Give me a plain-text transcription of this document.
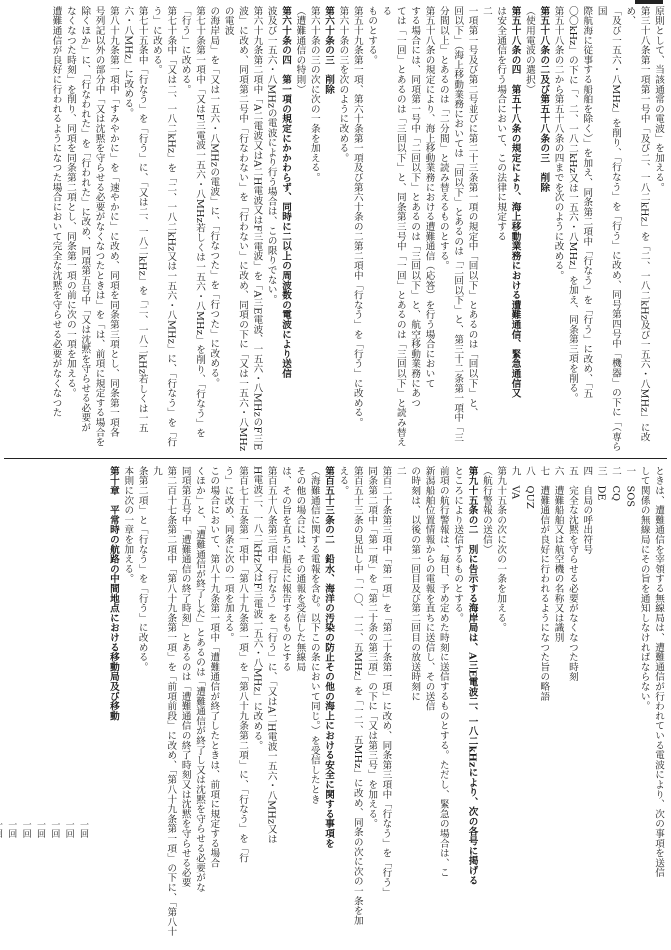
原則として、当該通常の電波」を加える。

第三十八条第一項第一号中「及び二、一八二kHz」を「二、一八二kHz及び一五六・八MHz」に改め、

「及び一五六・八MHz」を削り、「行なう」を「行う」に改め、同号第四号中「機器」の下に「（専ら国

際航海に従事する船舶を除く）」を加え、同条第二項中「行なう」を「行う」に改め、「五

〇〇kHz」の下に「、二、一八二kHz又は一五六・八MHz」を加え、同条第三項を削る。

第五十八条の二から第五十八条の四までを次のように改める。

第五十八条の二及び第五十八条の三　削除

（使用電波の選択）

第五十八条の四　第五十八条の規定により、海上移動業務における遭難通信、緊急通信又

は安全通信を行う場合において、この法律に規定する

二

一項第一号及び第二号並びに第二十三条第一項の規定中「回以下」とあるのは「回以下」と、

回以下」（海上移動業務においては「回以下」とあるのは「二回以下」と、第三十二条第一項中「三

分間以上」とあるのは「二分間」と読み替えるものとする。

第五十八条の規定により、海上移動業務における遭難通信（応答）を行う場合において

する場合には、同項第一号中「二回以下」とあるのは「三回以下」と、航空移動業務にあつ

ては「一回」とあるのは「三回以下」と、同条第三号中「一回」とあるのは「三回以下」と読み替える

ものとする。

第五十九条第一項、第六十条第一項及び第六十条の二第二項中「行なう」を「行う」に改める。

第六十条の三を次のように改める。

第六十条の三　削除

第六十条の三の次に次の一条を加える。

（遭難通信の特則）

第六十条の四　第一項の規定にかかわらず、同時に二以上の周波数の電波により送信

波及び一五六・八MHzの電波により行う場合は、この限りでない。

第六十九条第二項中「A二電波又はA二H電波又はF三電波」を「A三E電波、一五六・八MHzのF三E

波」に改め、同項第二号中「行なわない」を「行わない」に改め、同項の下に「又は一五六・八MHzの電波

の海岸局」を「又は一五六・八MHzの電波」に、「行なつた」を「行つた」に改める。

第七十条第一項中「又はF三電波一五六・八MHz若しくは一五六・八MHz」を削り、「行なう」を

「行う」に改める。

第七十条中「又は二、一八二kHz」を「二、一八二kHz又は一五六・八MHz」に、「行なう」を「行

う」に改める。

第七十五条中「行なう」を「行う」に、「又は二、一八二kHz」を「二、一八二kHz若しくは一五

六・八MHz」に改める。

第八十九条第一項中「すみやかに」を「速やかに」に改め、同項を同条第三項とし、同条第一項各

号列記以外の部分中「又は沈黙を守らせる必要がなくなつたときは」を「は、前項に規定する場合を

除くほか」に、「行なわれた」を「行われた」に改め、同項第五号中「又は沈黙を守らせる必要が

なくなつた時刻」を削り、同項を同条第二項とし、同条第一項の前に次の一項を加える。

遭難通信が良好に行われるようになつた場合において完全な沈黙を守らせる必要がなくなつた

ときは、遭難通信を宰領する無線局は、遭難通信が行われている電波により、次の事項を送信

して関係の無線局にその旨を通知しなければならない。

一　SOS

二　CQ

三　DE

四　自局の呼出符号

五　完全な沈黙を守らせる必要がなくなつた時刻

六　遭難船舶又は航空機の名称又は識別

七　遭難通信が良好に行われるようになつた旨の略語

八　QUZ

九　VA

第九十五条の次に次の一条を加える。

（航行警報の送信）

第九十五条の二　別に告示する海岸局は、A三E電波二、一八二kHzにより、次の各号に掲げる

ところにより送信するものとする。

前項の航行警報は、毎日、予め定めた時刻に送信するものとする。ただし、緊急の場合は、こ

新潟船舶位置情報からの電報を直ちに送信し、その送信

の時刻は、以後の第一回目及び第二回目の放送時刻に

二

第百二十条第三項中「第一項」を「第二十条第一項」に改め、同条第三項中「行なう」を「行う」

同条第二項中「第一項」を「第二十条の第三項」の下に「又は第三号」を加える。

第百五十三条の見出し中「一〇、一二、五MHz」を「一二、五MHz」に改め、同条の次に次の一条を加

える。

第百五十三条の二　鉛水、海洋の汚染の防止その他の海上における安全に関する事項を

（海難通信に関する電報を含む。以下この条において同じ。）を受信したとき

その他の場合には、その通報を受信した無線局

は、その旨を直ちに船長に報告するものとする

第百五十八条第三項中「行なう」を「行う」に、「又はA二H電波一五六・八MHz又は

H電波二、一八二kHz又はF三電波一五六・八MHz」に改める。

第百七十五条第一項中「第八十九条第一項」を「第八十九条第二項」に、「行なう」を「行

う」に改め、同条に次の一項を加える。

この場合において、第八十九条第一項中「遭難通信が終了したときは、前項に規定する場合

くほか」と、「遭難通信が終了した」とあるのは「遭難通信が終了し又は沈黙を守らせる必要がな

同項第五号中「遭難通信の終了時刻」とあるのは「遭難通信の終了時刻又は沈黙を守らせる必要

第二百十七条第二項中「第八十九条第一項」を「前項前段」に改め、「第八十九条第一項」の下に、「第八十九

条第二項」と「行なう」を「行う」に改める。

本則に次の一章を加える。

第十章　平常時の航路の中間地点における移動局及び移動

一回

一回

一回

一回

一回

一回
